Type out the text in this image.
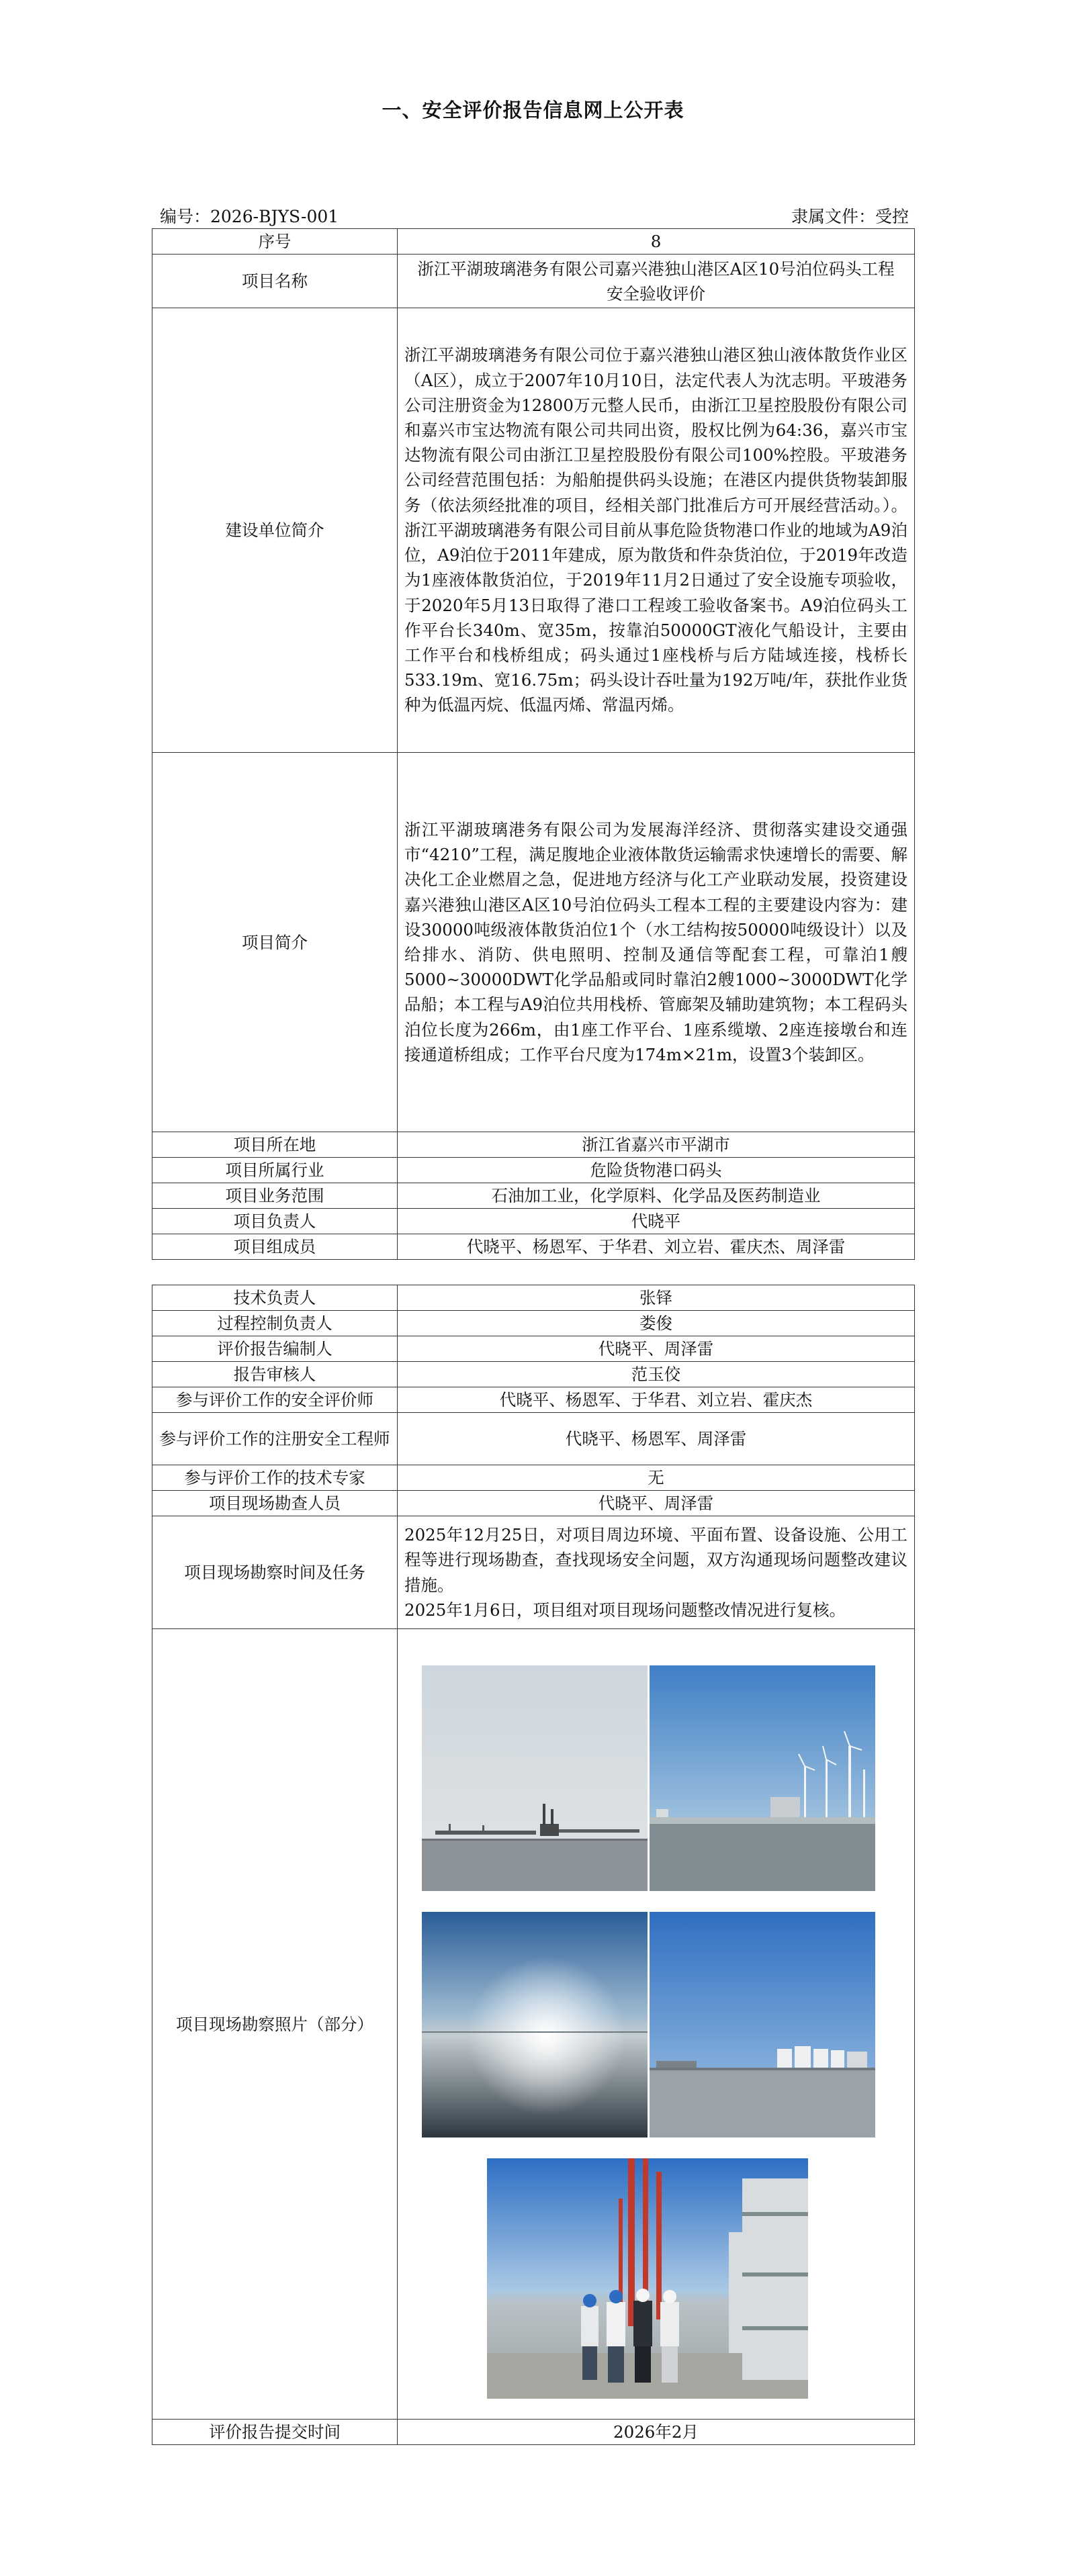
一、安全评价报告信息网上公开表
编号：2026-BJYS-001	隶属文件：受控
序号	8
项目名称	浙江平湖玻璃港务有限公司嘉兴港独山港区A区10号泊位码头工程安全验收评价
建设单位简介	浙江平湖玻璃港务有限公司位于嘉兴港独山港区独山液体散货作业区（A区），成立于2007年10月10日，法定代表人为沈志明。平玻港务公司注册资金为12800万元整人民币，由浙江卫星控股股份有限公司和嘉兴市宝达物流有限公司共同出资，股权比例为64:36，嘉兴市宝达物流有限公司由浙江卫星控股股份有限公司100%控股。平玻港务公司经营范围包括：为船舶提供码头设施；在港区内提供货物装卸服务（依法须经批准的项目，经相关部门批准后方可开展经营活动。）。浙江平湖玻璃港务有限公司目前从事危险货物港口作业的地域为A9泊位，A9泊位于2011年建成，原为散货和件杂货泊位，于2019年改造为1座液体散货泊位，于2019年11月2日通过了安全设施专项验收，于2020年5月13日取得了港口工程竣工验收备案书。A9泊位码头工作平台长340m、宽35m，按靠泊50000GT液化气船设计，主要由工作平台和栈桥组成；码头通过1座栈桥与后方陆域连接，栈桥长533.19m、宽16.75m；码头设计吞吐量为192万吨/年，获批作业货种为低温丙烷、低温丙烯、常温丙烯。
项目简介	浙江平湖玻璃港务有限公司为发展海洋经济、贯彻落实建设交通强市“4210”工程，满足腹地企业液体散货运输需求快速增长的需要、解决化工企业燃眉之急，促进地方经济与化工产业联动发展，投资建设嘉兴港独山港区A区10号泊位码头工程本工程的主要建设内容为：建设30000吨级液体散货泊位1个（水工结构按50000吨级设计）以及给排水、消防、供电照明、控制及通信等配套工程，可靠泊1艘5000~30000DWT化学品船或同时靠泊2艘1000~3000DWT化学品船；本工程与A9泊位共用栈桥、管廊架及辅助建筑物；本工程码头泊位长度为266m，由1座工作平台、1座系缆墩、2座连接墩台和连接通道桥组成；工作平台尺度为174m×21m，设置3个装卸区。
项目所在地	浙江省嘉兴市平湖市
项目所属行业	危险货物港口码头
项目业务范围	石油加工业，化学原料、化学品及医药制造业
项目负责人	代晓平
项目组成员	代晓平、杨恩军、于华君、刘立岩、霍庆杰、周泽雷
技术负责人	张铎
过程控制负责人	娄俊
评价报告编制人	代晓平、周泽雷
报告审核人	范玉佼
参与评价工作的安全评价师	代晓平、杨恩军、于华君、刘立岩、霍庆杰
参与评价工作的注册安全工程师	代晓平、杨恩军、周泽雷
参与评价工作的技术专家	无
项目现场勘查人员	代晓平、周泽雷
项目现场勘察时间及任务	2025年12月25日，对项目周边环境、平面布置、设备设施、公用工程等进行现场勘查，查找现场安全问题，双方沟通现场问题整改建议措施。
2025年1月6日，项目组对项目现场问题整改情况进行复核。

项目现场勘察照片（部分）	

评价报告提交时间	2026年2月
